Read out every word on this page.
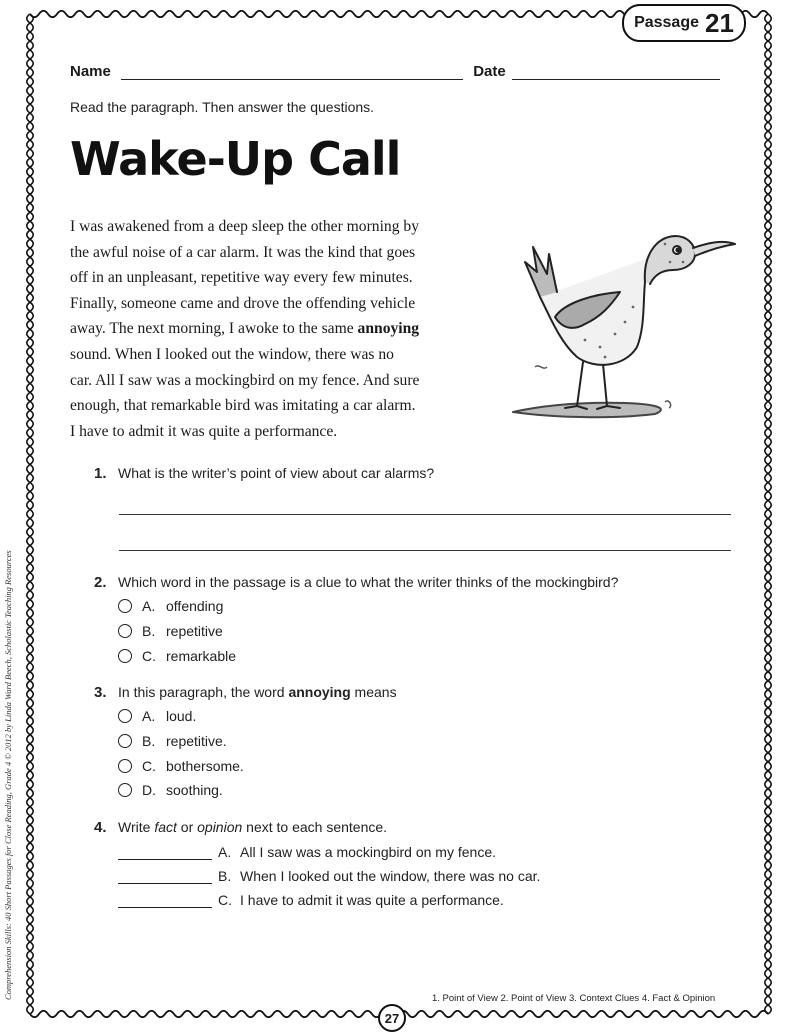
Passage 21
Name	Date
Read the paragraph. Then answer the questions.
Wake-Up Call
I was awakened from a deep sleep the other morning by
the awful noise of a car alarm. It was the kind that goes
off in an unpleasant, repetitive way every few minutes.
Finally, someone came and drove the offending vehicle
away. The next morning, I awoke to the same annoying
sound. When I looked out the window, there was no
car. All I saw was a mockingbird on my fence. And sure
enough, that remarkable bird was imitating a car alarm.
I have to admit it was quite a performance.
1. What is the writer’s point of view about car alarms?
2. Which word in the passage is a clue to what the writer thinks of the mockingbird?
A. offending
B. repetitive
C. remarkable
3. In this paragraph, the word annoying means
A. loud.
B. repetitive.
C. bothersome.
D. soothing.
4. Write fact or opinion next to each sentence.
A. All I saw was a mockingbird on my fence.
B. When I looked out the window, there was no car.
C. I have to admit it was quite a performance.
Comprehension Skills: 40 Short Passages for Close Reading, Grade 4 © 2012 by Linda Ward Beech, Scholastic Teaching Resources	1. Point of View 2. Point of View 3. Context Clues 4. Fact & Opinion
27
